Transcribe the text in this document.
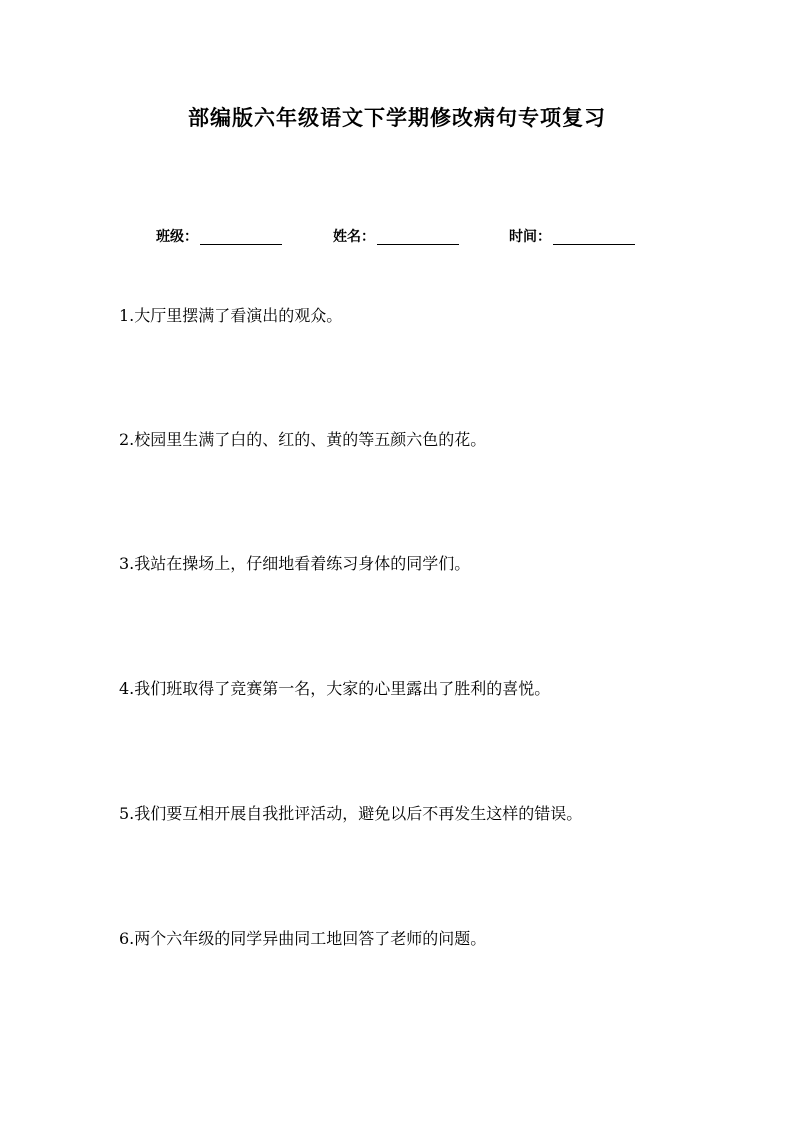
部编版六年级语文下学期修改病句专项复习
班级：	姓名：	时间：

1.大厅里摆满了看演出的观众。

2.校园里生满了白的、红的、黄的等五颜六色的花。

3.我站在操场上，仔细地看着练习身体的同学们。

4.我们班取得了竞赛第一名，大家的心里露出了胜利的喜悦。

5.我们要互相开展自我批评活动，避免以后不再发生这样的错误。

6.两个六年级的同学异曲同工地回答了老师的问题。
